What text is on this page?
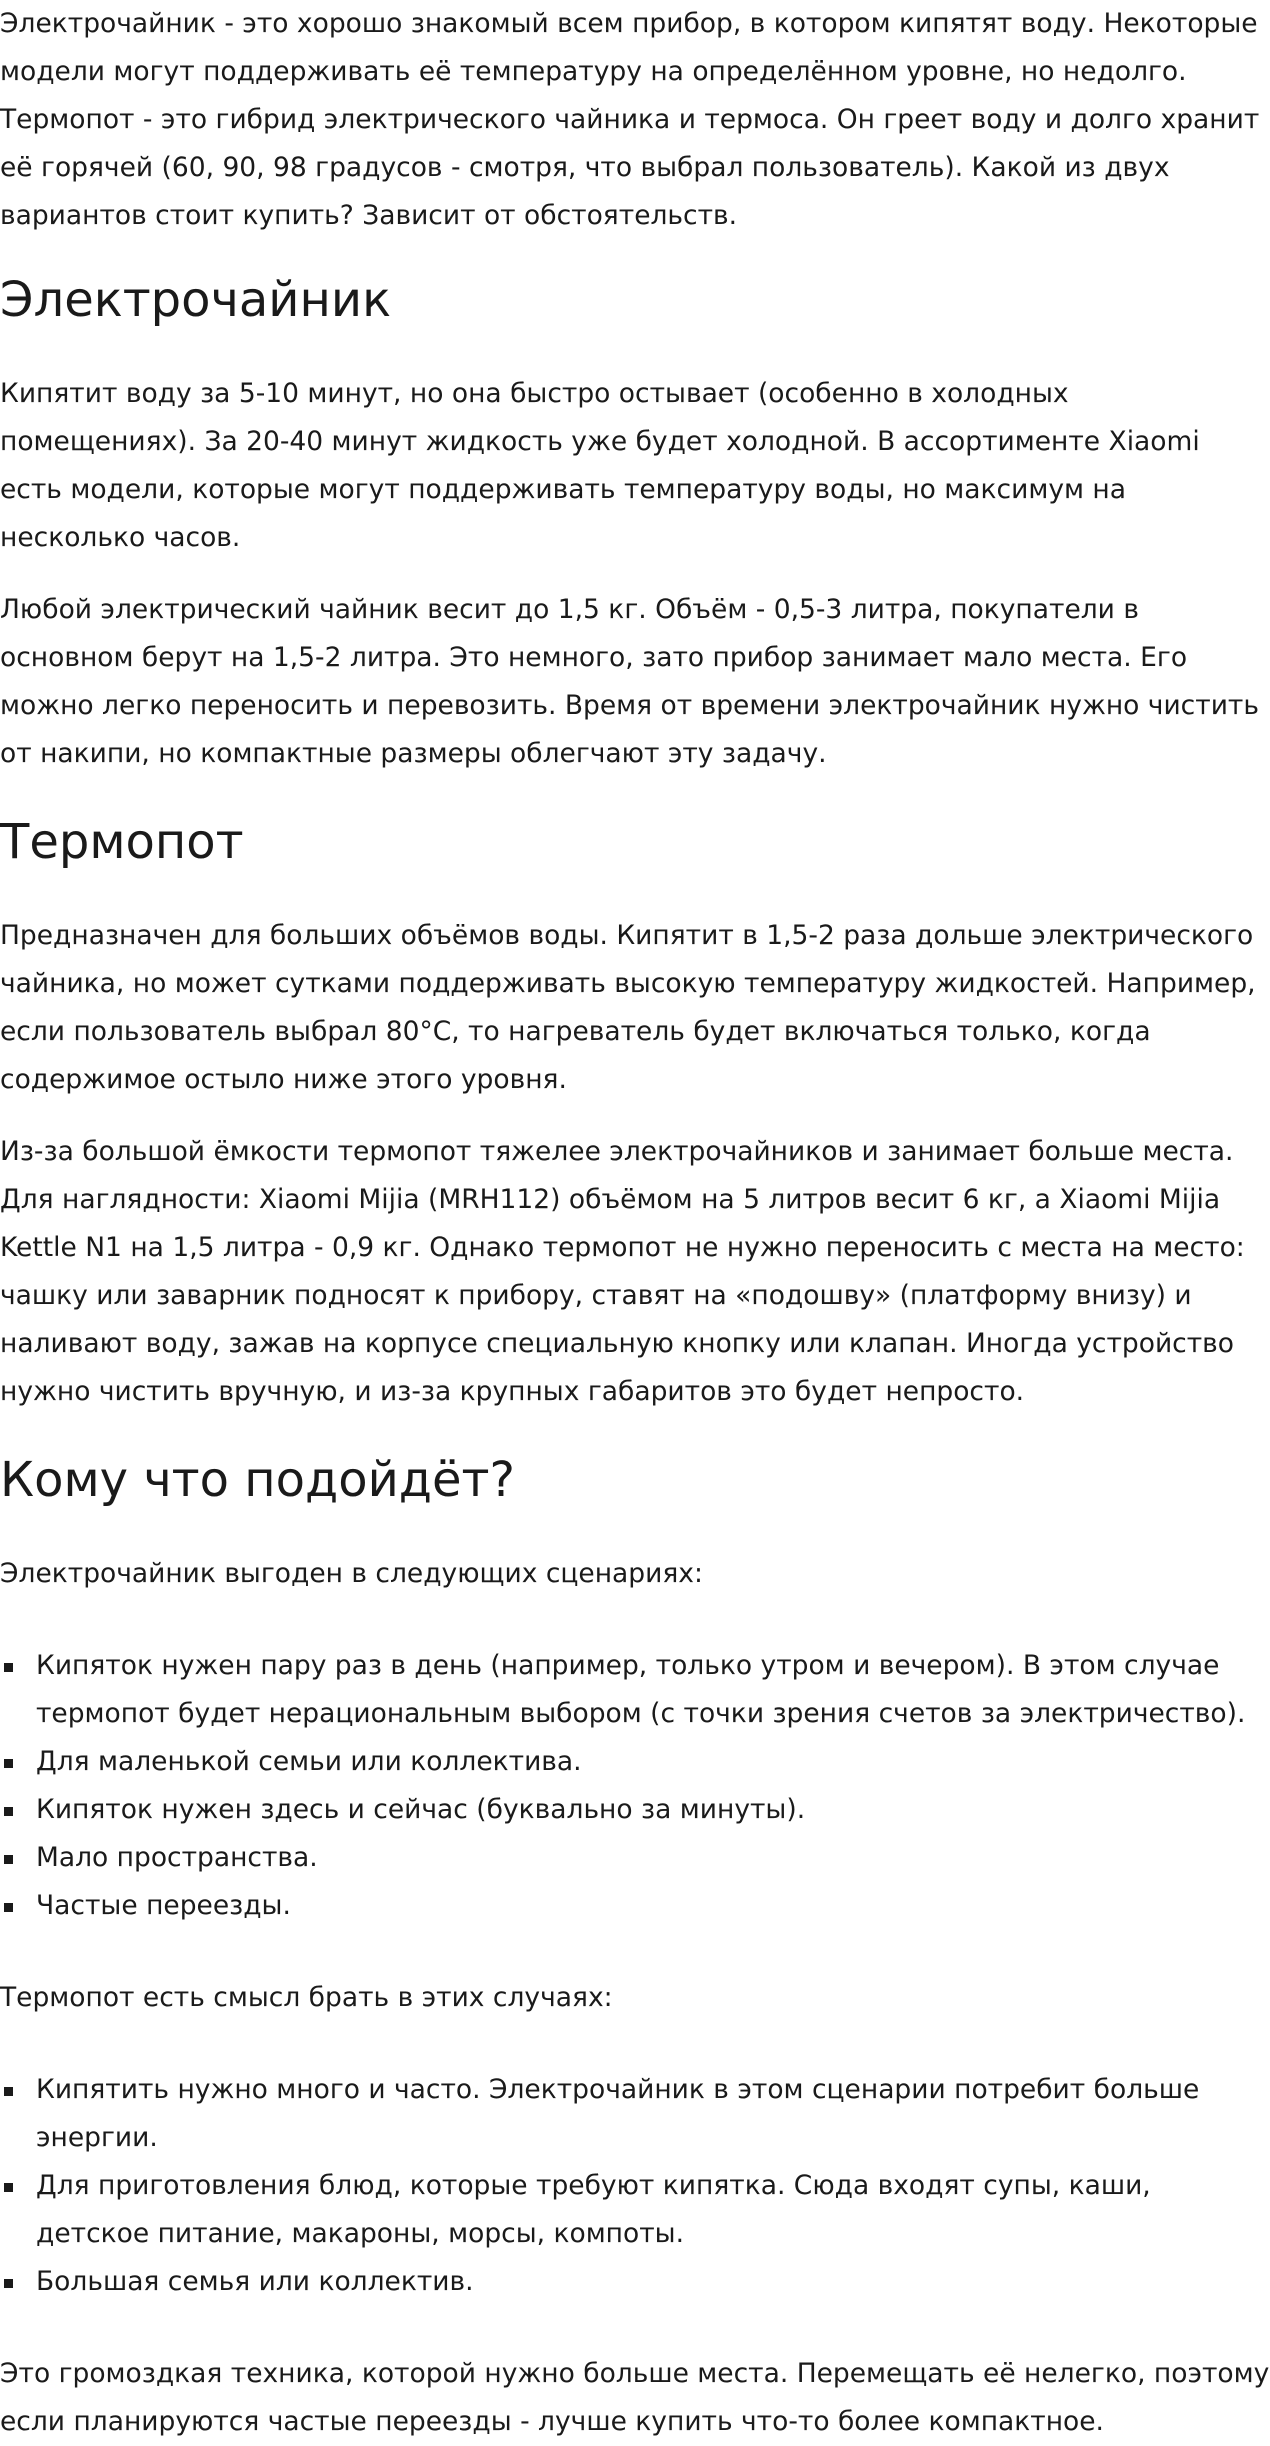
Электрочайник - это хорошо знакомый всем прибор, в котором кипятят воду. Некоторые модели могут поддерживать её температуру на определённом уровне, но недолго. Термопот - это гибрид электрического чайника и термоса. Он греет воду и долго хранит её горячей (60, 90, 98 градусов - смотря, что выбрал пользователь). Какой из двух вариантов стоит купить? Зависит от обстоятельств.

Электрочайник

Кипятит воду за 5-10 минут, но она быстро остывает (особенно в холодных помещениях). За 20-40 минут жидкость уже будет холодной. В ассортименте Xiaomi есть модели, которые могут поддерживать температуру воды, но максимум на несколько часов.

Любой электрический чайник весит до 1,5 кг. Объём - 0,5-3 литра, покупатели в основном берут на 1,5-2 литра. Это немного, зато прибор занимает мало места. Его можно легко переносить и перевозить. Время от времени электрочайник нужно чистить от накипи, но компактные размеры облегчают эту задачу.

Термопот

Предназначен для больших объёмов воды. Кипятит в 1,5-2 раза дольше электрического чайника, но может сутками поддерживать высокую температуру жидкостей. Например, если пользователь выбрал 80°C, то нагреватель будет включаться только, когда содержимое остыло ниже этого уровня.

Из-за большой ёмкости термопот тяжелее электрочайников и занимает больше места. Для наглядности: Xiaomi Mijia (MRH112) объёмом на 5 литров весит 6 кг, а Xiaomi Mijia Kettle N1 на 1,5 литра - 0,9 кг. Однако термопот не нужно переносить с места на место: чашку или заварник подносят к прибору, ставят на «подошву» (платформу внизу) и наливают воду, зажав на корпусе специальную кнопку или клапан. Иногда устройство нужно чистить вручную, и из-за крупных габаритов это будет непросто.

Кому что подойдёт?

Электрочайник выгоден в следующих сценариях:

Кипяток нужен пару раз в день (например, только утром и вечером). В этом случае термопот будет нерациональным выбором (с точки зрения счетов за электричество).
Для маленькой семьи или коллектива.
Кипяток нужен здесь и сейчас (буквально за минуты).
Мало пространства.
Частые переезды.

Термопот есть смысл брать в этих случаях:

Кипятить нужно много и часто. Электрочайник в этом сценарии потребит больше энергии.
Для приготовления блюд, которые требуют кипятка. Сюда входят супы, каши, детское питание, макароны, морсы, компоты.
Большая семья или коллектив.

Это громоздкая техника, которой нужно больше места. Перемещать её нелегко, поэтому если планируются частые переезды - лучше купить что-то более компактное.
